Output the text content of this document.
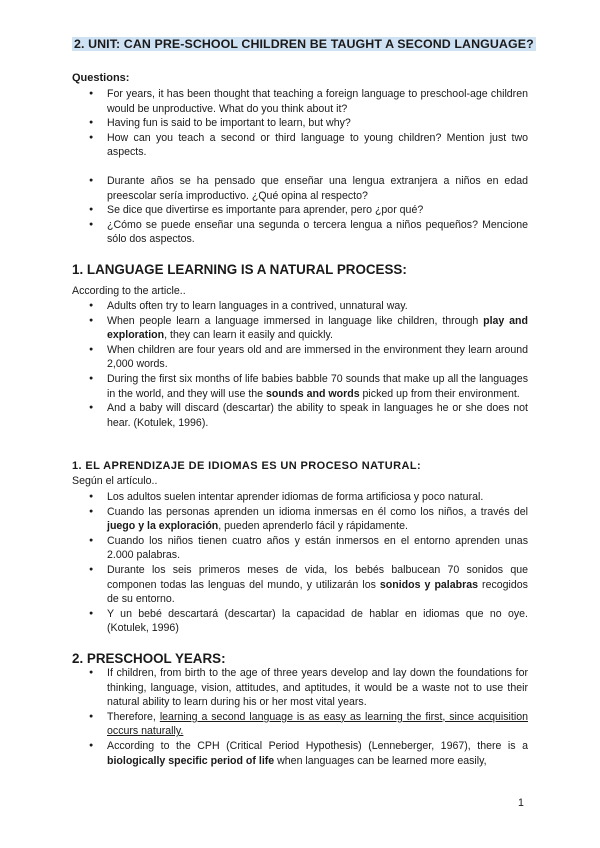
2. UNIT: CAN PRE-SCHOOL CHILDREN BE TAUGHT A SECOND LANGUAGE?
Questions:
● For years, it has been thought that teaching a foreign language to preschool-age children would be unproductive. What do you think about it?
● Having fun is said to be important to learn, but why?
● How can you teach a second or third language to young children? Mention just two aspects.
● Durante años se ha pensado que enseñar una lengua extranjera a niños en edad preescolar sería improductivo. ¿Qué opina al respecto?
● Se dice que divertirse es importante para aprender, pero ¿por qué?
● ¿Cómo se puede enseñar una segunda o tercera lengua a niños pequeños? Mencione sólo dos aspectos.
1. LANGUAGE LEARNING IS A NATURAL PROCESS:
According to the article..
● Adults often try to learn languages in a contrived, unnatural way.
● When people learn a language immersed in language like children, through play and exploration, they can learn it easily and quickly.
● When children are four years old and are immersed in the environment they learn around 2,000 words.
● During the first six months of life babies babble 70 sounds that make up all the languages in the world, and they will use the sounds and words picked up from their environment.
● And a baby will discard (descartar) the ability to speak in languages he or she does not hear. (Kotulek, 1996).
1. EL APRENDIZAJE DE IDIOMAS ES UN PROCESO NATURAL:
Según el artículo..
● Los adultos suelen intentar aprender idiomas de forma artificiosa y poco natural.
● Cuando las personas aprenden un idioma inmersas en él como los niños, a través del juego y la exploración, pueden aprenderlo fácil y rápidamente.
● Cuando los niños tienen cuatro años y están inmersos en el entorno aprenden unas 2.000 palabras.
● Durante los seis primeros meses de vida, los bebés balbucean 70 sonidos que componen todas las lenguas del mundo, y utilizarán los sonidos y palabras recogidos de su entorno.
● Y un bebé descartará (descartar) la capacidad de hablar en idiomas que no oye. (Kotulek, 1996)
2. PRESCHOOL YEARS:
● If children, from birth to the age of three years develop and lay down the foundations for thinking, language, vision, attitudes, and aptitudes, it would be a waste not to use their natural ability to learn during his or her most vital years.
● Therefore, learning a second language is as easy as learning the first, since acquisition occurs naturally.
● According to the CPH (Critical Period Hypothesis) (Lenneberger, 1967), there is a biologically specific period of life when languages can be learned more easily,
1
